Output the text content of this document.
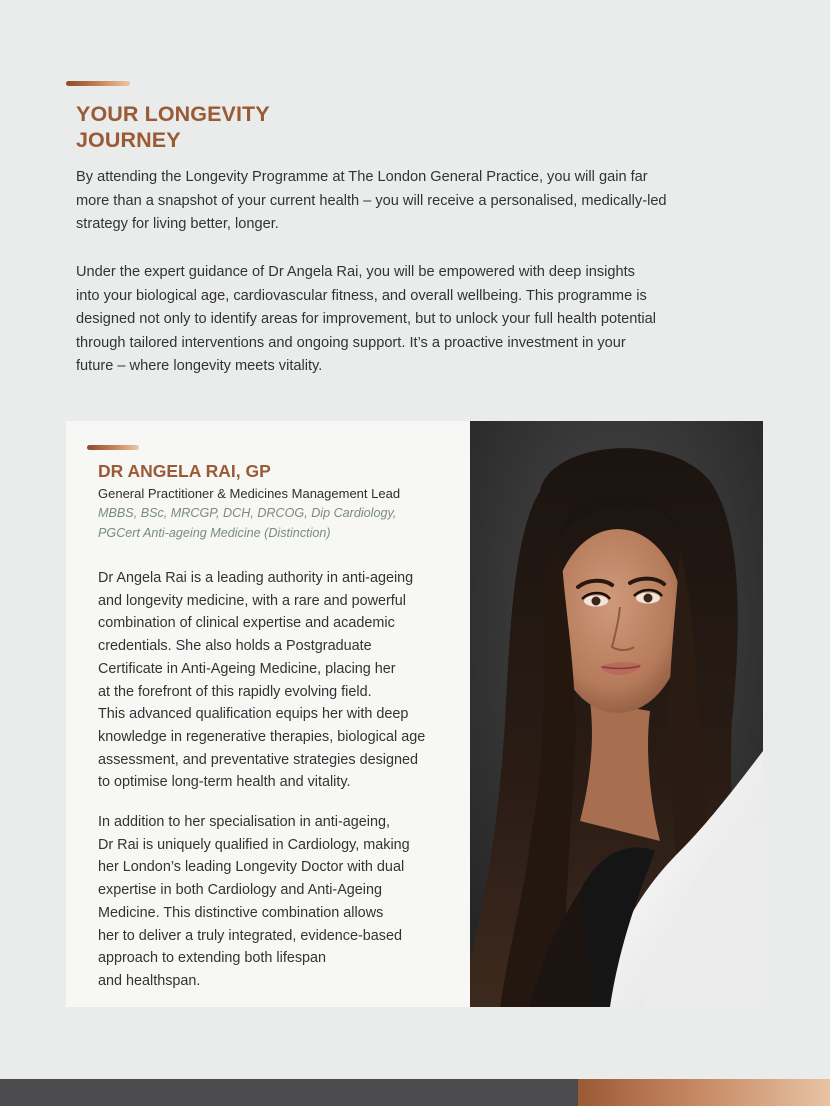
YOUR LONGEVITY
JOURNEY

By attending the Longevity Programme at The London General Practice, you will gain far
more than a snapshot of your current health – you will receive a personalised, medically-led
strategy for living better, longer.

Under the expert guidance of Dr Angela Rai, you will be empowered with deep insights
into your biological age, cardiovascular fitness, and overall wellbeing. This programme is
designed not only to identify areas for improvement, but to unlock your full health potential
through tailored interventions and ongoing support. It’s a proactive investment in your
future – where longevity meets vitality.

DR ANGELA RAI, GP
General Practitioner & Medicines Management Lead
MBBS, BSc, MRCGP, DCH, DRCOG, Dip Cardiology,
PGCert Anti-ageing Medicine (Distinction)

Dr Angela Rai is a leading authority in anti-ageing
and longevity medicine, with a rare and powerful
combination of clinical expertise and academic
credentials. She also holds a Postgraduate
Certificate in Anti-Ageing Medicine, placing her
at the forefront of this rapidly evolving field.
This advanced qualification equips her with deep
knowledge in regenerative therapies, biological age
assessment, and preventative strategies designed
to optimise long-term health and vitality.

In addition to her specialisation in anti-ageing,
Dr Rai is uniquely qualified in Cardiology, making
her London’s leading Longevity Doctor with dual
expertise in both Cardiology and Anti-Ageing
Medicine. This distinctive combination allows
her to deliver a truly integrated, evidence-based
approach to extending both lifespan
and healthspan.
